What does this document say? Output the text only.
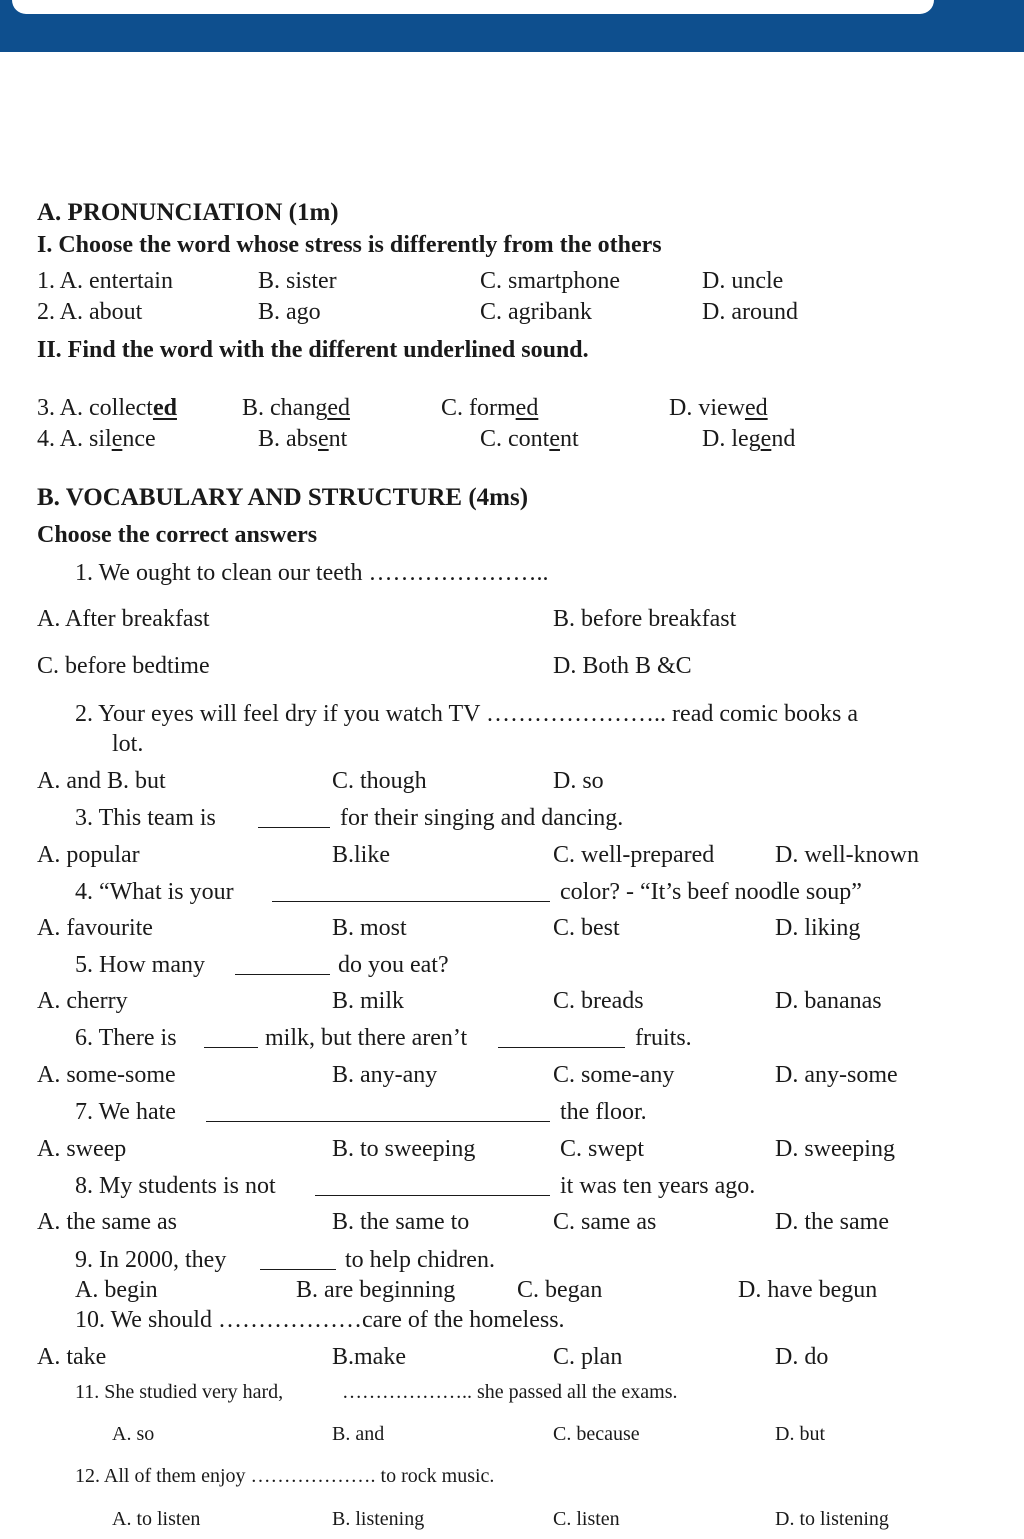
A. PRONUNCIATION (1m)
I. Choose the word whose stress is differently from the others
1. A. entertain	B. sister	C. smartphone	D. uncle
2. A. about	B. ago	C. agribank	D. around
II. Find the word with the different underlined sound.
3. A. collected	B. changed	C. formed	D. viewed
4. A. silence	B. absent	C. content	D. legend
B. VOCABULARY AND STRUCTURE (4ms)
Choose the correct answers
1. We ought to clean our teeth …………………..
A. After breakfast	B. before breakfast
C. before bedtime	D. Both B &C
2. Your eyes will feel dry if you watch TV ………………….. read comic books a
lot.
A. and B. but	C. though	D. so
3. This team is	for their singing and dancing.
A. popular	B.like	C. well-prepared	D. well-known
4. “What is your	color? - “It’s beef noodle soup”
A. favourite	B. most	C. best	D. liking
5. How many	do you eat?
A. cherry	B. milk	C. breads	D. bananas
6. There is	milk, but there aren’t	fruits.
A. some-some	B. any-any	C. some-any	D. any-some
7. We hate	the floor.
A. sweep	B. to sweeping	C. swept	D. sweeping
8. My students is not	it was ten years ago.
A. the same as	B. the same to	C. same as	D. the same
9. In 2000, they	to help chidren.
A. begin	B. are beginning	C. began	D. have begun
10. We should ………………care of the homeless.
A. take	B.make	C. plan	D. do
11. She studied very hard,	……………….. she passed all the exams.
A. so	B. and	C. because	D. but
12. All of them enjoy ………………. to rock music.
A. to listen	B. listening	C. listen	D. to listening
